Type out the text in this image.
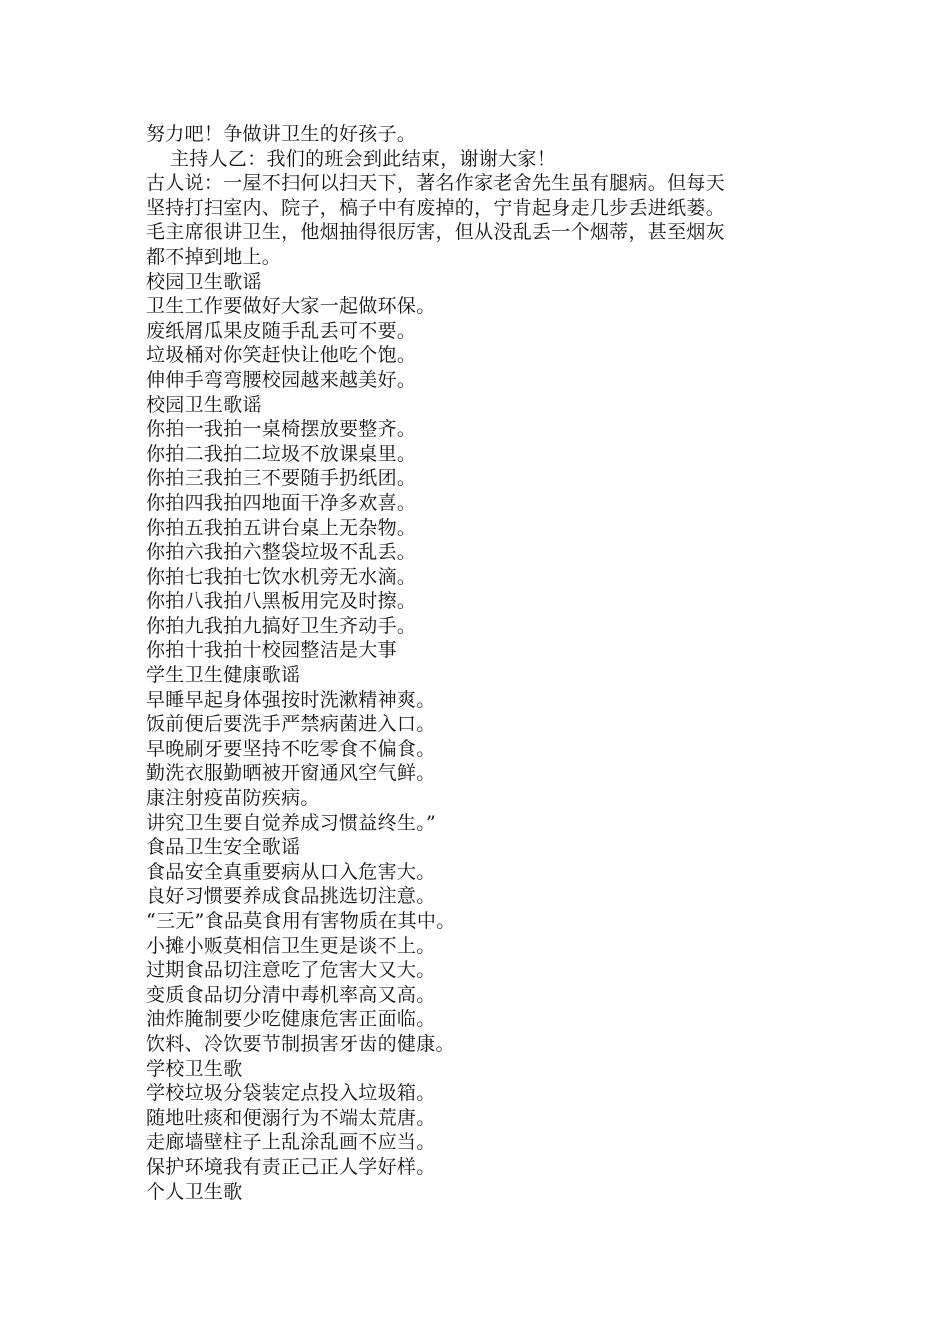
努力吧！争做讲卫生的好孩子。
主持人乙：我们的班会到此结束，谢谢大家！
古人说：一屋不扫何以扫天下，著名作家老舍先生虽有腿病。但每天
坚持打扫室内、院子，槁子中有废掉的，宁肯起身走几步丢进纸蒌。
毛主席很讲卫生，他烟抽得很厉害，但从没乱丢一个烟蒂，甚至烟灰
都不掉到地上。
校园卫生歌谣
卫生工作要做好大家一起做环保。
废纸屑瓜果皮随手乱丢可不要。
垃圾桶对你笑赶快让他吃个饱。
伸伸手弯弯腰校园越来越美好。
校园卫生歌谣
你拍一我拍一桌椅摆放要整齐。
你拍二我拍二垃圾不放课桌里。
你拍三我拍三不要随手扔纸团。
你拍四我拍四地面干净多欢喜。
你拍五我拍五讲台桌上无杂物。
你拍六我拍六整袋垃圾不乱丢。
你拍七我拍七饮水机旁无水滴。
你拍八我拍八黑板用完及时擦。
你拍九我拍九搞好卫生齐动手。
你拍十我拍十校园整洁是大事
学生卫生健康歌谣
早睡早起身体强按时洗漱精神爽。
饭前便后要洗手严禁病菌进入口。
早晚刷牙要坚持不吃零食不偏食。
勤洗衣服勤晒被开窗通风空气鲜。
康注射疫苗防疾病。
讲究卫生要自觉养成习惯益终生。”
食品卫生安全歌谣
食品安全真重要病从口入危害大。
良好习惯要养成食品挑选切注意。
“三无”食品莫食用有害物质在其中。
小摊小贩莫相信卫生更是谈不上。
过期食品切注意吃了危害大又大。
变质食品切分清中毒机率高又高。
油炸腌制要少吃健康危害正面临。
饮料、冷饮要节制损害牙齿的健康。
学校卫生歌
学校垃圾分袋装定点投入垃圾箱。
随地吐痰和便溺行为不端太荒唐。
走廊墙壁柱子上乱涂乱画不应当。
保护环境我有责正己正人学好样。
个人卫生歌
